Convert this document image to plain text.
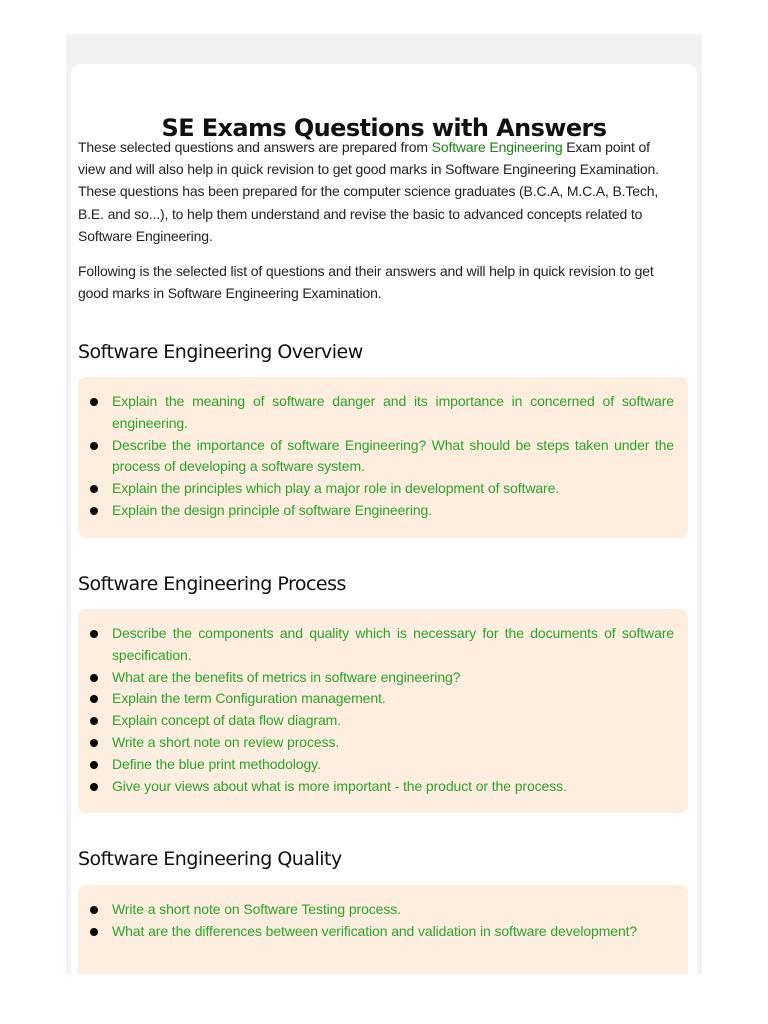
SE Exams Questions with Answers

These selected questions and answers are prepared from Software Engineering Exam point of view and will also help in quick revision to get good marks in Software Engineering Examination. These questions has been prepared for the computer science graduates (B.C.A, M.C.A, B.Tech, B.E. and so...), to help them understand and revise the basic to advanced concepts related to Software Engineering.

Following is the selected list of questions and their answers and will help in quick revision to get good marks in Software Engineering Examination.

Software Engineering Overview
Explain the meaning of software danger and its importance in concerned of software engineering.
Describe the importance of software Engineering? What should be steps taken under the process of developing a software system.
Explain the principles which play a major role in development of software.
Explain the design principle of software Engineering.
Software Engineering Process
Describe the components and quality which is necessary for the documents of software specification.
What are the benefits of metrics in software engineering?
Explain the term Configuration management.
Explain concept of data flow diagram.
Write a short note on review process.
Define the blue print methodology.
Give your views about what is more important - the product or the process.
Software Engineering Quality
Write a short note on Software Testing process.
What are the differences between verification and validation in software development?
